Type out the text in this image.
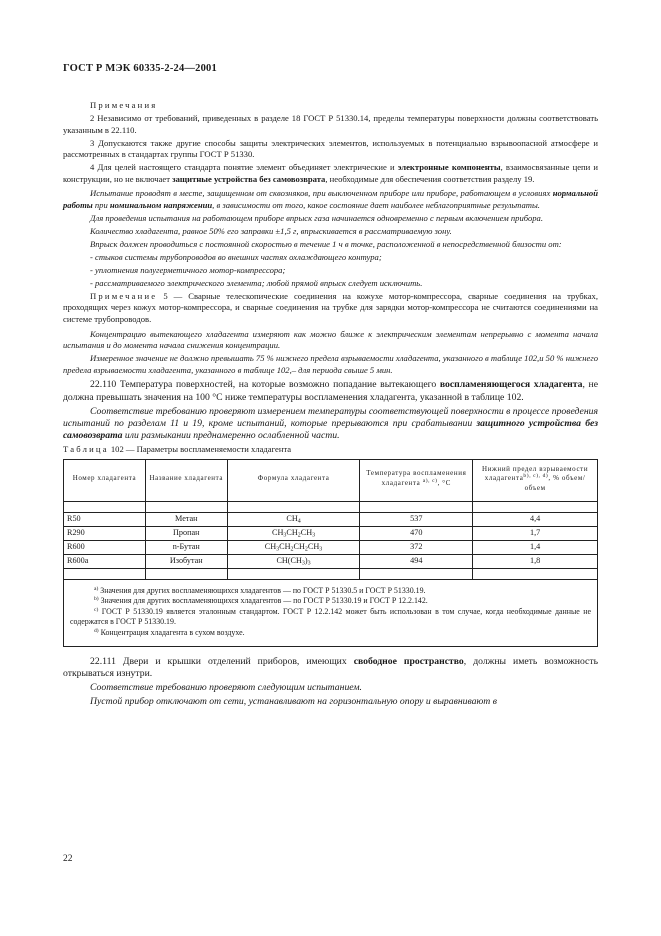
ГОСТ Р МЭК 60335-2-24—2001

Примечания

2 Независимо от требований, приведенных в разделе 18 ГОСТ Р 51330.14, пределы температуры поверхности должны соответствовать указанным в 22.110.

3 Допускаются также другие способы защиты электрических элементов, используемых в потенциально взрывоопасной атмосфере и рассмотренных в стандартах группы ГОСТ Р 51330.

4 Для целей настоящего стандарта понятие элемент объединяет электрические и электронные компоненты, взаимосвязанные цепи и конструкции, но не включает защитные устройства без самовозврата, необходимые для обеспечения соответствия разделу 19.

Испытание проводят в месте, защищенном от сквозняков, при выключенном приборе или приборе, работающем в условиях нормальной работы при номинальном напряжении, в зависимости от того, какое состояние дает наиболее неблагоприятные результаты.

Для проведения испытания на работающем приборе впрыск газа начинается одновременно с первым включением прибора.

Количество хладагента, равное 50% его заправки ±1,5 г, впрыскивается в рассматриваемую зону.

Впрыск должен проводиться с постоянной скоростью в течение 1 ч в точке, расположенной в непосредственной близости от:

- стыков системы трубопроводов во внешних частях охлаждающего контура;

- уплотнения полугерметичного мотор-компрессора;

- рассматриваемого электрического элемента; любой прямой впрыск следует исключить.

Примечание 5 — Сварные телескопические соединения на кожухе мотор-компрессора, сварные соединения на трубках, проходящих через кожух мотор-компрессора, и сварные соединения на трубке для зарядки мотор-компрессора не считаются соединениями на системе трубопроводов.

Концентрацию вытекающего хладагента измеряют как можно ближе к электрическим элементам непрерывно с момента начала испытания и до момента начала снижения концентрации.

Измеренное значение не должно превышать 75 % нижнего предела взрываемости хладагента, указанного в таблице 102,и 50 % нижнего предела взрываемости хладагента, указанного в таблице 102,– для периода свыше 5 мин.

22.110 Температура поверхностей, на которые возможно попадание вытекающего воспламеняющегося хладагента, не должна превышать значения на 100 °С ниже температуры воспламенения хладагента, указанной в таблице 102.

Соответствие требованию проверяют измерением температуры соответствующей поверхности в процессе проведения испытаний по разделам 11 и 19, кроме испытаний, которые прерываются при срабатывании защитного устройства без самовозврата или размыкании преднамеренно ослабленной части.

Таблица 102 — Параметры воспламеняемости хладагента

Номер хладагента	Название хладагента	Формула хладагента	Температура воспламенения хладагента $^{а), с)}$, °С	Нижний предел взрываемости хладагента$^{b), c), d)}$, % объем/объем

R50	Метан	$CH_4$	537	4,4
R290	Пропан	$CH_3CH_2CH_3$	470	1,7
R600	n-Бутан	$CH_3CH_2CH_2CH_3$	372	1,4
R600a	Изобутан	$CH(CH_3)_3$	494	1,8

$^{а)}$ Значения для других воспламеняющихся хладагентов — по ГОСТ Р 51330.5 и ГОСТ Р 51330.19.

$^{b)}$ Значения для других воспламеняющихся хладагентов — по ГОСТ Р 51330.19 и ГОСТ Р 12.2.142.

$^{c)}$ ГОСТ Р 51330.19 является эталонным стандартом. ГОСТ Р 12.2.142 может быть использован в том случае, когда необходимые данные не содержатся в ГОСТ Р 51330.19.

$^{d)}$ Концентрация хладагента в сухом воздухе.				

22.111 Двери и крышки отделений приборов, имеющих свободное пространство, должны иметь возможность открываться изнутри.

Соответствие требованию проверяют следующим испытанием.

Пустой прибор отключают от сети, устанавливают на горизонтальную опору и выравнивают в

22
